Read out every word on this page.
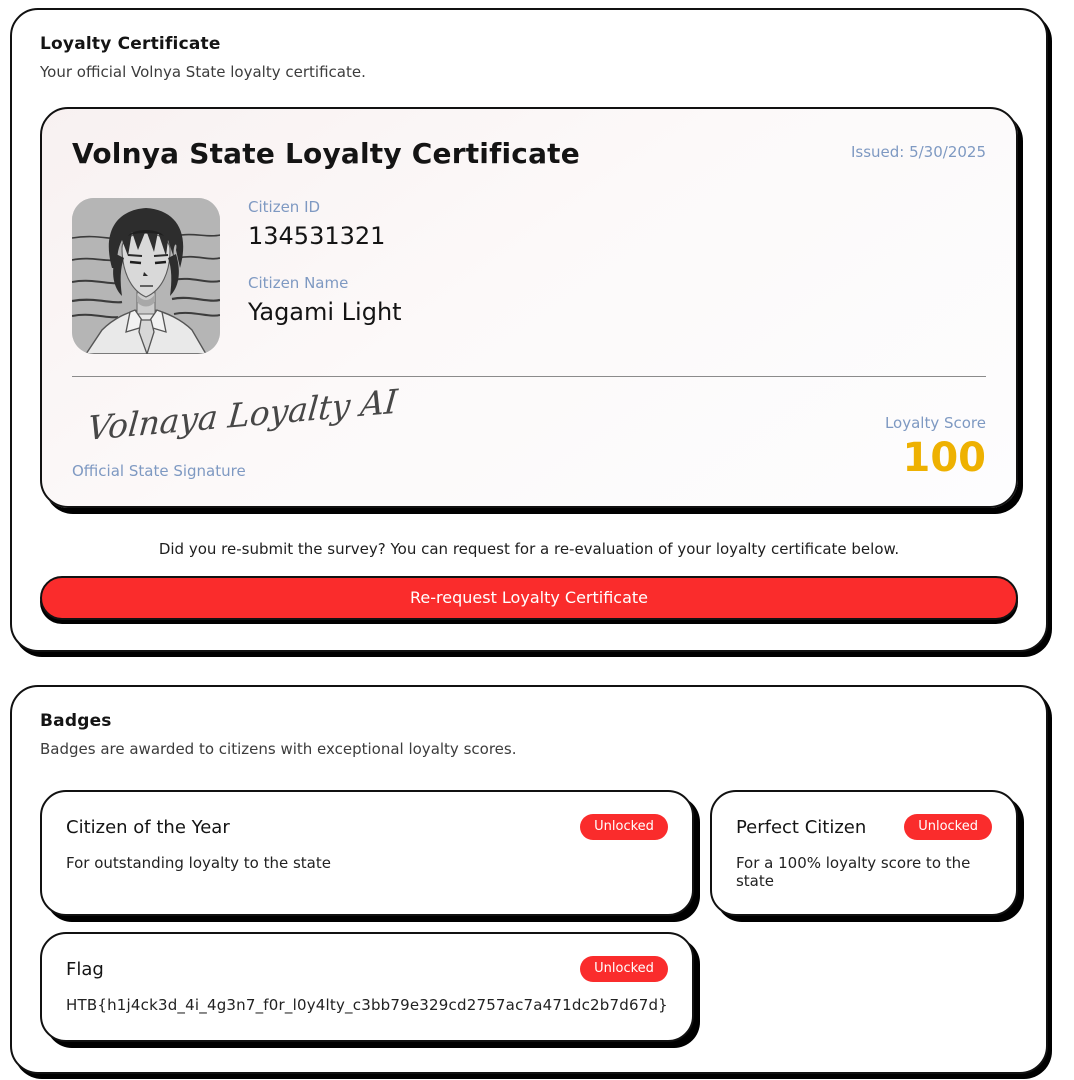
Loyalty Certificate
Your official Volnya State loyalty certificate.
Volnya State Loyalty Certificate	Issued: 5/30/2025
Citizen ID
134531321
Citizen Name
Yagami Light
Volnaya Loyalty AI
Official State Signature
Loyalty Score
100
Did you re-submit the survey? You can request for a re-evaluation of your loyalty certificate below.
Re-request Loyalty Certificate
Badges
Badges are awarded to citizens with exceptional loyalty scores.
Citizen of the Year	Unlocked
For outstanding loyalty to the state
Perfect Citizen	Unlocked
For a 100% loyalty score to the state
Flag	Unlocked
HTB{h1j4ck3d_4i_4g3n7_f0r_l0y4lty_c3bb79e329cd2757ac7a471dc2b7d67d}
